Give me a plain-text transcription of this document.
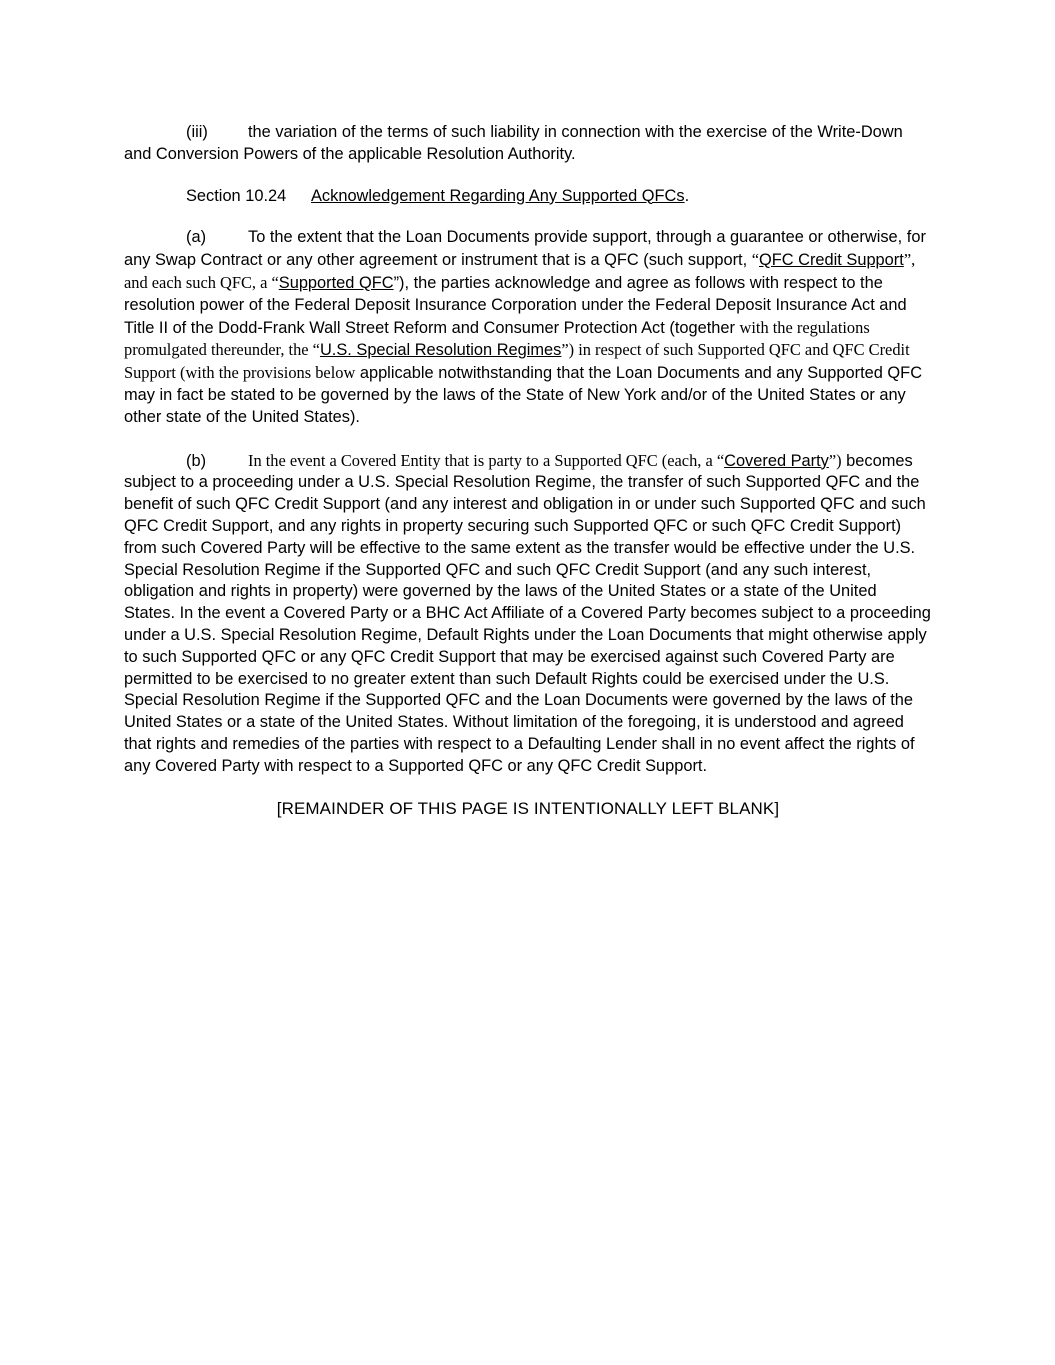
(iii) the variation of the terms of such liability in connection with the exercise of the Write-Down and Conversion Powers of the applicable Resolution Authority.

Section 10.24 Acknowledgement Regarding Any Supported QFCs.

(a)	To the extent that the Loan Documents provide support, through a guarantee or otherwise, for any Swap Contract or any other agreement or instrument that is a QFC (such support, “QFC Credit Support”, and each such QFC, a “Supported QFC”), the parties acknowledge and agree as follows with respect to the resolution power of the Federal Deposit Insurance Corporation under the Federal Deposit Insurance Act and Title II of the Dodd-Frank Wall Street Reform and Consumer Protection Act (together with the regulations promulgated thereunder, the “U.S. Special Resolution Regimes”) in respect of such Supported QFC and QFC Credit Support (with the provisions below applicable notwithstanding that the Loan Documents and any Supported QFC may in fact be stated to be governed by the laws of the State of New York and/or of the United States or any other state of the United States).

(b)	In the event a Covered Entity that is party to a Supported QFC (each, a “Covered Party”) becomes subject to a proceeding under a U.S. Special Resolution Regime, the transfer of such Supported QFC and the benefit of such QFC Credit Support (and any interest and obligation in or under such Supported QFC and such QFC Credit Support, and any rights in property securing such Supported QFC or such QFC Credit Support) from such Covered Party will be effective to the same extent as the transfer would be effective under the U.S. Special Resolution Regime if the Supported QFC and such QFC Credit Support (and any such interest, obligation and rights in property) were governed by the laws of the United States or a state of the United States. In the event a Covered Party or a BHC Act Affiliate of a Covered Party becomes subject to a proceeding under a U.S. Special Resolution Regime, Default Rights under the Loan Documents that might otherwise apply to such Supported QFC or any QFC Credit Support that may be exercised against such Covered Party are permitted to be exercised to no greater extent than such Default Rights could be exercised under the U.S. Special Resolution Regime if the Supported QFC and the Loan Documents were governed by the laws of the United States or a state of the United States. Without limitation of the foregoing, it is understood and agreed that rights and remedies of the parties with respect to a Defaulting Lender shall in no event affect the rights of any Covered Party with respect to a Supported QFC or any QFC Credit Support.

[REMAINDER OF THIS PAGE IS INTENTIONALLY LEFT BLANK]
